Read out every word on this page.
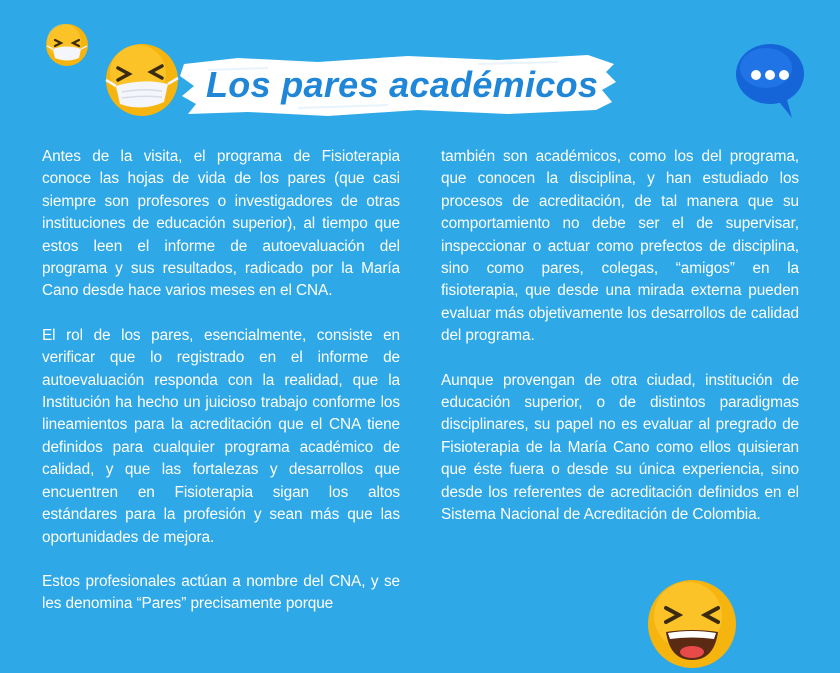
Los pares académicos

Antes de la visita, el programa de Fisioterapia conoce las hojas de vida de los pares (que casi siempre son profesores o investigadores de otras instituciones de educación superior), al tiempo que estos leen el informe de autoevaluación del programa y sus resultados, radicado por la María Cano desde hace varios meses en el CNA.

El rol de los pares, esencialmente, consiste en verificar que lo registrado en el informe de autoevaluación responda con la realidad, que la Institución ha hecho un juicioso trabajo conforme los lineamientos para la acreditación que el CNA tiene definidos para cualquier programa académico de calidad, y que las fortalezas y desarrollos que encuentren en Fisioterapia sigan los altos estándares para la profesión y sean más que las oportunidades de mejora.

Estos profesionales actúan a nombre del CNA, y se les denomina “Pares” precisamente porque

también son académicos, como los del programa, que conocen la disciplina, y han estudiado los procesos de acreditación, de tal manera que su comportamiento no debe ser el de supervisar, inspeccionar o actuar como prefectos de disciplina, sino como pares, colegas, “amigos” en la fisioterapia, que desde una mirada externa pueden evaluar más objetivamente los desarrollos de calidad del programa.

Aunque provengan de otra ciudad, institución de educación superior, o de distintos paradigmas disciplinares, su papel no es evaluar al pregrado de Fisioterapia de la María Cano como ellos quisieran que éste fuera o desde su única experiencia, sino desde los referentes de acreditación definidos en el Sistema Nacional de Acreditación de Colombia.
